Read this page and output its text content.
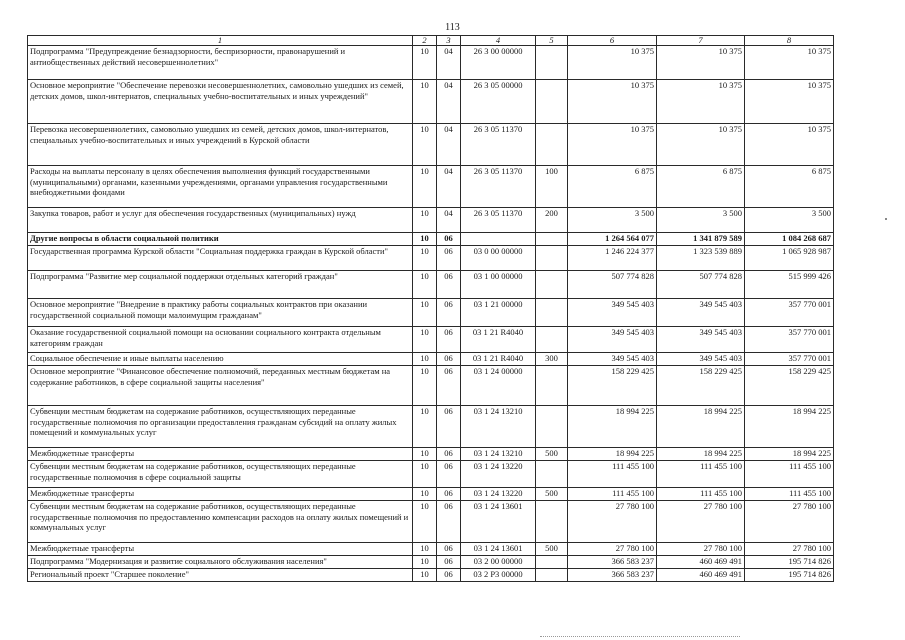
113
1	2	3	4	5	6	7	8
Подпрограмма "Предупреждение безнадзорности, беспризорности, правонарушений и антиобщественных действий несовершеннолетних"	10	04	26 3 00 00000		10 375	10 375	10 375
Основное мероприятие "Обеспечение перевозки несовершеннолетних, самовольно ушедших из семей, детских домов, школ-интернатов, специальных учебно-воспитательных и иных учреждений"	10	04	26 3 05 00000		10 375	10 375	10 375
Перевозка несовершеннолетних, самовольно ушедших из семей, детских домов, школ-интернатов, специальных учебно-воспитательных и иных учреждений в Курской области	10	04	26 3 05 11370		10 375	10 375	10 375
Расходы на выплаты персоналу в целях обеспечения выполнения функций государственными (муниципальными) органами, казенными учреждениями, органами управления государственными внебюджетными фондами	10	04	26 3 05 11370	100	6 875	6 875	6 875
Закупка товаров, работ и услуг для обеспечения государственных (муниципальных) нужд	10	04	26 3 05 11370	200	3 500	3 500	3 500
Другие вопросы в области социальной политики	10	06			1 264 564 077	1 341 879 589	1 084 268 687
Государственная программа Курской области "Социальная поддержка граждан в Курской области"	10	06	03 0 00 00000		1 246 224 377	1 323 539 889	1 065 928 987
Подпрограмма "Развитие мер социальной поддержки отдельных категорий граждан"	10	06	03 1 00 00000		507 774 828	507 774 828	515 999 426
Основное мероприятие "Внедрение в практику работы социальных контрактов при оказании государственной социальной помощи малоимущим гражданам"	10	06	03 1 21 00000		349 545 403	349 545 403	357 770 001
Оказание государственной социальной помощи на основании социального контракта отдельным категориям граждан	10	06	03 1 21 R4040		349 545 403	349 545 403	357 770 001
Социальное обеспечение и иные выплаты населению	10	06	03 1 21 R4040	300	349 545 403	349 545 403	357 770 001
Основное мероприятие "Финансовое обеспечение полномочий, переданных местным бюджетам на содержание работников, в сфере социальной защиты населения"	10	06	03 1 24 00000		158 229 425	158 229 425	158 229 425
Субвенции местным бюджетам на содержание работников, осуществляющих переданные государственные полномочия по организации предоставления гражданам субсидий на оплату жилых помещений и коммунальных услуг	10	06	03 1 24 13210		18 994 225	18 994 225	18 994 225
Межбюджетные трансферты	10	06	03 1 24 13210	500	18 994 225	18 994 225	18 994 225
Субвенции местным бюджетам на содержание работников, осуществляющих переданные государственные полномочия в сфере социальной защиты	10	06	03 1 24 13220		111 455 100	111 455 100	111 455 100
Межбюджетные трансферты	10	06	03 1 24 13220	500	111 455 100	111 455 100	111 455 100
Субвенции местным бюджетам на содержание работников, осуществляющих переданные государственные полномочия по предоставлению компенсации расходов на оплату жилых помещений и коммунальных услуг	10	06	03 1 24 13601		27 780 100	27 780 100	27 780 100
Межбюджетные трансферты	10	06	03 1 24 13601	500	27 780 100	27 780 100	27 780 100
Подпрограмма "Модернизация и развитие социального обслуживания населения"	10	06	03 2 00 00000		366 583 237	460 469 491	195 714 826
Региональный проект "Старшее поколение"	10	06	03 2 P3 00000		366 583 237	460 469 491	195 714 826
